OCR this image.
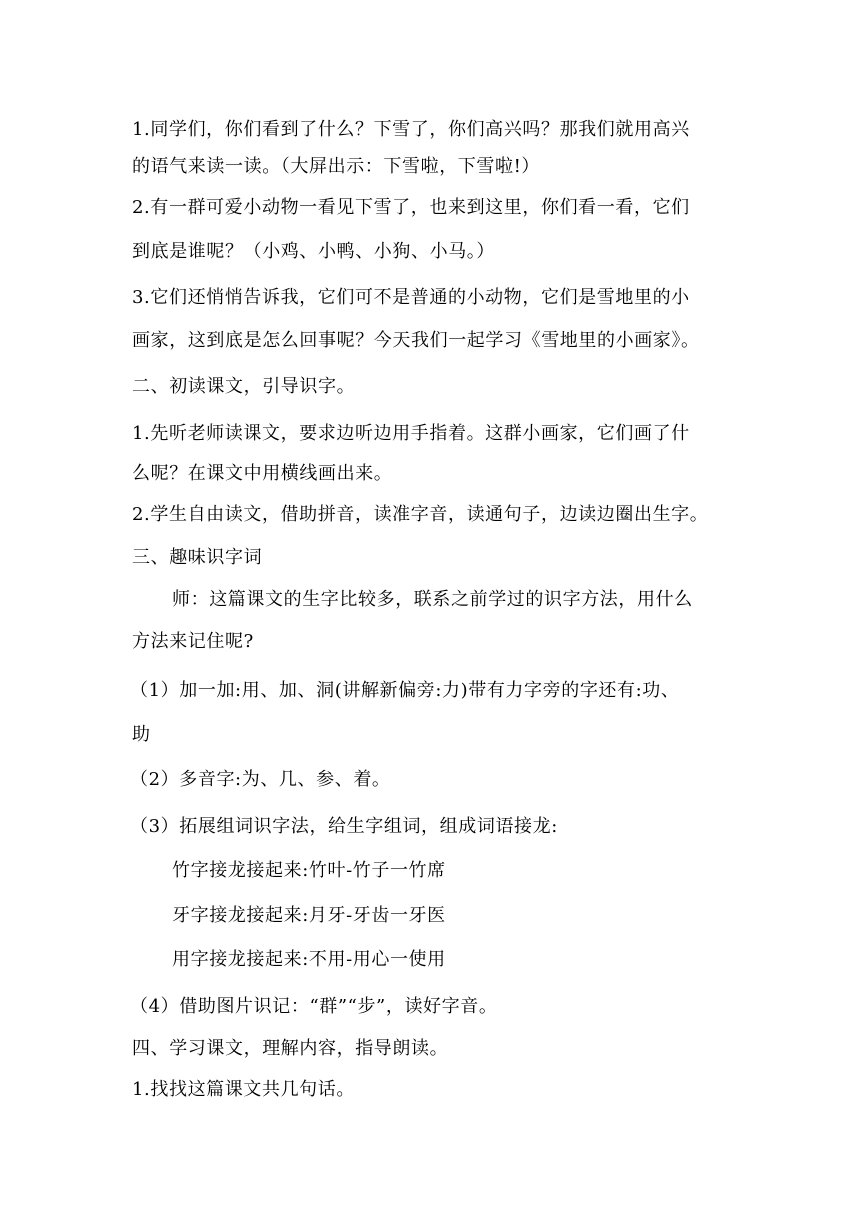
1.同学们，你们看到了什么？下雪了，你们高兴吗？那我们就用高兴
的语气来读一读。（大屏出示：下雪啦，下雪啦!）
2.有一群可爱小动物一看见下雪了，也来到这里，你们看一看，它们
到底是谁呢？（小鸡、小鸭、小狗、小马。）
3.它们还悄悄告诉我，它们可不是普通的小动物，它们是雪地里的小
画家，这到底是怎么回事呢？今天我们一起学习《雪地里的小画家》。
二、初读课文，引导识字。
1.先听老师读课文，要求边听边用手指着。这群小画家，它们画了什
么呢？在课文中用横线画出来。
2.学生自由读文，借助拼音，读准字音，读通句子，边读边圈出生字。
三、趣味识字词
师：这篇课文的生字比较多，联系之前学过的识字方法，用什么
方法来记住呢?
（1）加一加:用、加、洞(讲解新偏旁:力)带有力字旁的字还有:功、
助
（2）多音字:为、几、参、着。
（3）拓展组词识字法，给生字组词，组成词语接龙:
竹字接龙接起来:竹叶-竹子一竹席
牙字接龙接起来:月牙-牙齿一牙医
用字接龙接起来:不用-用心一使用
（4）借助图片识记：“群”“步”，读好字音。
四、学习课文，理解内容，指导朗读。
1.找找这篇课文共几句话。
